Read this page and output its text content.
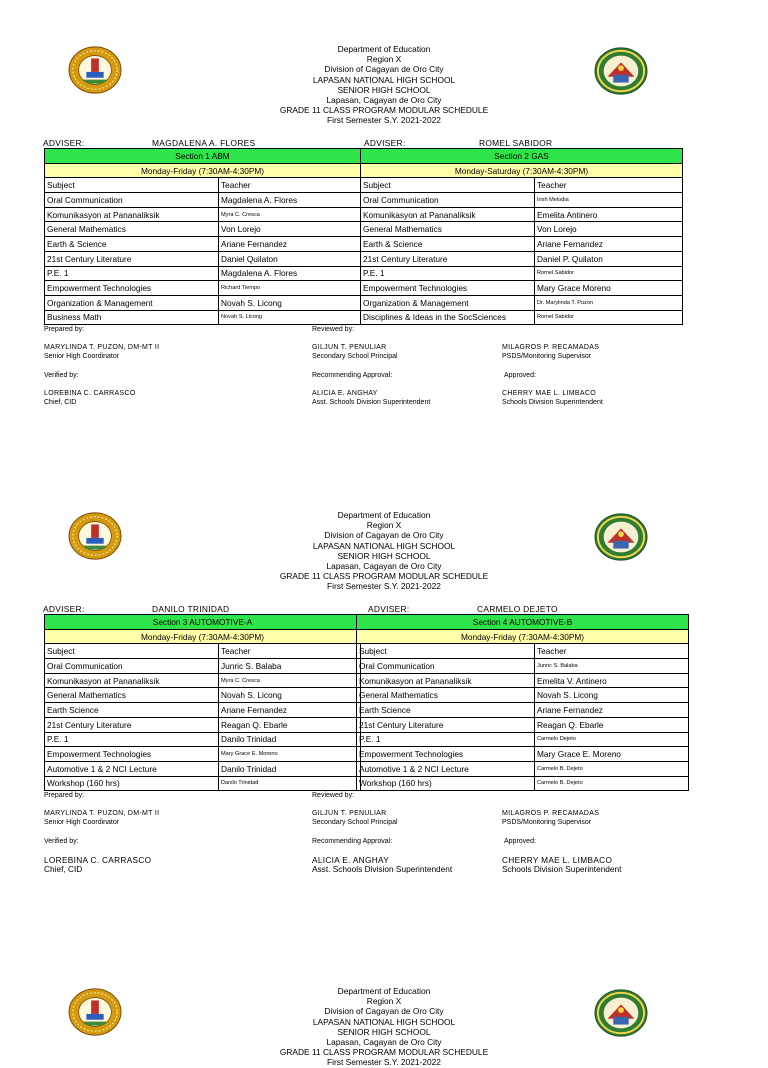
Department of Education
Region X
Division of Cagayan de Oro City
LAPASAN NATIONAL HIGH SCHOOL
SENIOR HIGH SCHOOL
Lapasan, Cagayan de Oro City
GRADE 11 CLASS PROGRAM MODULAR SCHEDULE
First Semester S.Y. 2021-2022
ADVISER:	MAGDALENA A. FLORES	ADVISER:	ROMEL SABIDOR
Section 1 ABM	
Monday-Friday (7:30AM-4:30PM)	
Subject	Teacher
Oral Communication	Magdalena A. Flores
Komunikasyon at Pananaliksik	Myra C. Cresca
General Mathematics	Von Lorejo
Earth & Science	Ariane Fernandez
21st Century Literature	Daniel Quilaton
P.E. 1	Magdalena A. Flores
Empowerment Technologies	Richard Tiempo
Organization & Management	Novah S. Licong
Business Math	Novah S. Licong
Section 2 GAS	
Monday-Saturday (7:30AM-4:30PM)	
Subject	Teacher
Oral Communication	Irish Melodia
Komunikasyon at Pananaliksik	Emelita Antinero
General Mathematics	Von Lorejo
Earth & Science	Ariane Fernandez
21st Century Literature	Daniel P. Quilaton
P.E. 1	Romel Sabidor
Empowerment Technologies	Mary Grace Moreno
Organization & Management	Dr. Marylinda T. Puzon
Disciplines & Ideas in the SocSciences	Romel Sabidor
Prepared by:	Reviewed by:
MARYLINDA T. PUZON, DM-MT II
Senior High Coordinator
GILJUN T. PENULIAR
Secondary School Principal
MILAGROS P. RECAMADAS
PSDS/Monitoring Supervisor
Verified by:	Recommending Approval:	Approved:
LOREBINA C. CARRASCO
Chief, CID
ALICIA E. ANGHAY
Asst. Schools Division Superintendent
CHERRY MAE L. LIMBACO
Schools Division Superintendent
Department of Education
Region X
Division of Cagayan de Oro City
LAPASAN NATIONAL HIGH SCHOOL
SENIOR HIGH SCHOOL
Lapasan, Cagayan de Oro City
GRADE 11 CLASS PROGRAM MODULAR SCHEDULE
First Semester S.Y. 2021-2022
ADVISER:	DANILO TRINIDAD	ADVISER:	CARMELO DEJETO
Section 3 AUTOMOTIVE-A	
Monday-Friday (7:30AM-4:30PM)	
Subject	Teacher
Oral Communication	Junric S. Balaba
Komunikasyon at Pananaliksik	Myra C. Cresca
General Mathematics	Novah S. Licong
Earth Science	Ariane Fernandez
21st Century Literature	Reagan Q. Ebarle
P.E. 1	Danilo Trinidad
Empowerment Technologies	Mary Grace E. Moreno
Automotive 1 & 2 NCI Lecture	Danilo Trinidad
Workshop (160 hrs)	Danilo Trinidad
Section 4 AUTOMOTIVE-B	
Monday-Friday (7:30AM-4:30PM)	
Subject	Teacher
Oral Communication	Junric S. Balaba
Komunikasyon at Pananaliksik	Emelita V. Antinero
General Mathematics	Novah S. Licong
Earth Science	Ariane Fernandez
21st Century Literature	Reagan Q. Ebarle
P.E. 1	Carmelo Dejeto
Empowerment Technologies	Mary Grace E. Moreno
Automotive 1 & 2 NCI Lecture	Carmelo B. Dejeto
Workshop (160 hrs)	Carmelo B. Dejeto
Prepared by:	Reviewed by:
MARYLINDA T. PUZON, DM-MT II
Senior High Coordinator
GILJUN T. PENULIAR
Secondary School Principal
MILAGROS P. RECAMADAS
PSDS/Monitoring Supervisor
Verified by:	Recommending Approval:	Approved:
LOREBINA C. CARRASCO
Chief, CID
ALICIA E. ANGHAY
Asst. Schools Division Superintendent
CHERRY MAE L. LIMBACO
Schools Division Superintendent
Department of Education
Region X
Division of Cagayan de Oro City
LAPASAN NATIONAL HIGH SCHOOL
SENIOR HIGH SCHOOL
Lapasan, Cagayan de Oro City
GRADE 11 CLASS PROGRAM MODULAR SCHEDULE
First Semester S.Y. 2021-2022
